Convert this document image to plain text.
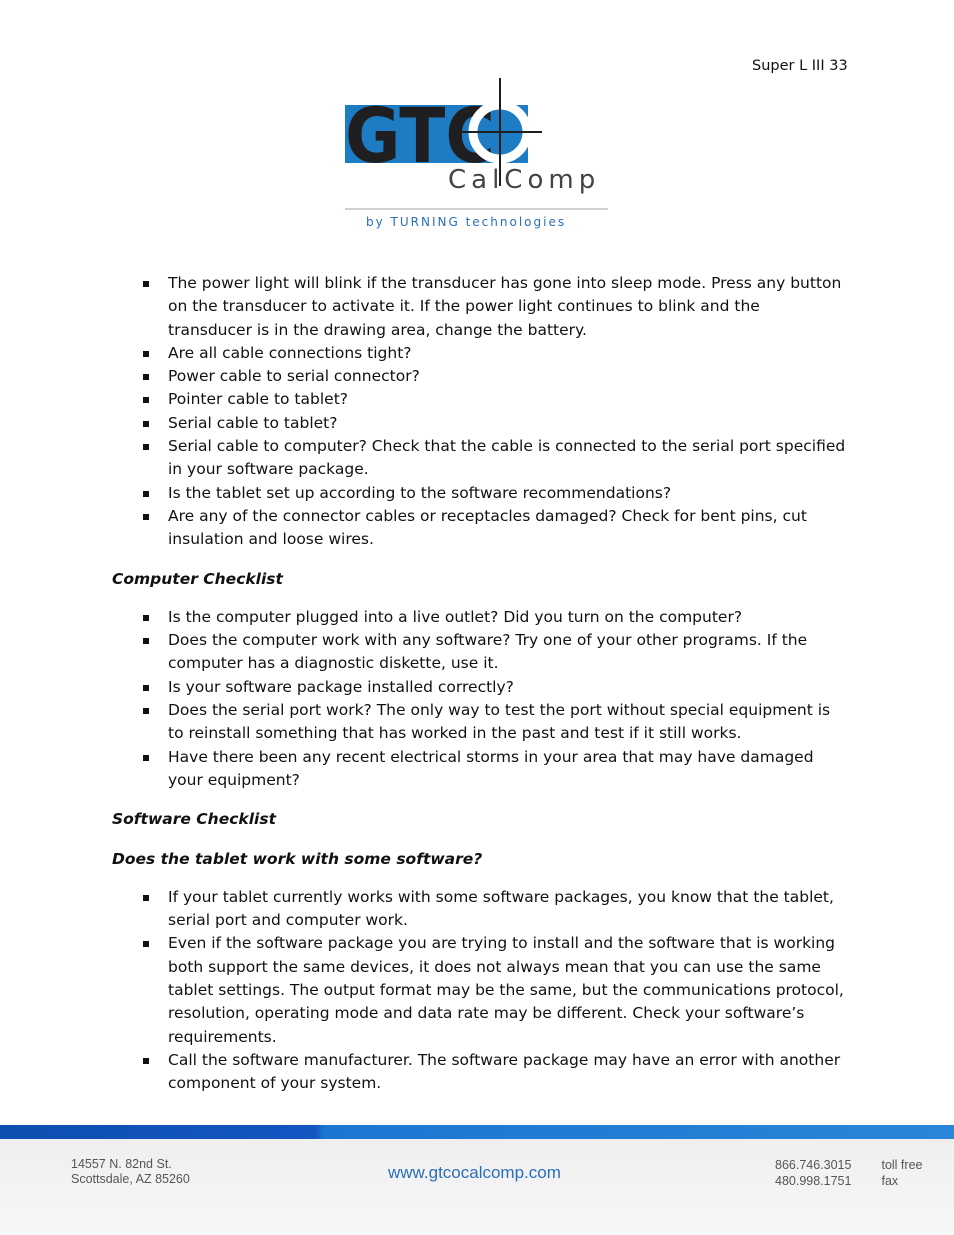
Super L III 33
GTC
CalComp
by TURNING technologies
The power light will blink if the transducer has gone into sleep mode. Press any button on the transducer to activate it. If the power light continues to blink and the transducer is in the drawing area, change the battery.
Are all cable connections tight?
Power cable to serial connector?
Pointer cable to tablet?
Serial cable to tablet?
Serial cable to computer? Check that the cable is connected to the serial port specified in your software package.
Is the tablet set up according to the software recommendations?
Are any of the connector cables or receptacles damaged? Check for bent pins, cut insulation and loose wires.

Computer Checklist

Is the computer plugged into a live outlet? Did you turn on the computer?
Does the computer work with any software? Try one of your other programs. If the computer has a diagnostic diskette, use it.
Is your software package installed correctly?
Does the serial port work? The only way to test the port without special equipment is to reinstall something that has worked in the past and test if it still works.
Have there been any recent electrical storms in your area that may have damaged your equipment?

Software Checklist

Does the tablet work with some software?

If your tablet currently works with some software packages, you know that the tablet, serial port and computer work.
Even if the software package you are trying to install and the software that is working both support the same devices, it does not always mean that you can use the same tablet settings. The output format may be the same, but the communications protocol, resolution, operating mode and data rate may be different. Check your software’s requirements.
Call the software manufacturer. The software package may have an error with another component of your system.
14557 N. 82nd St.
Scottsdale, AZ 85260	www.gtcocalcomp.com	866.746.3015 toll free
480.998.1751 fax
